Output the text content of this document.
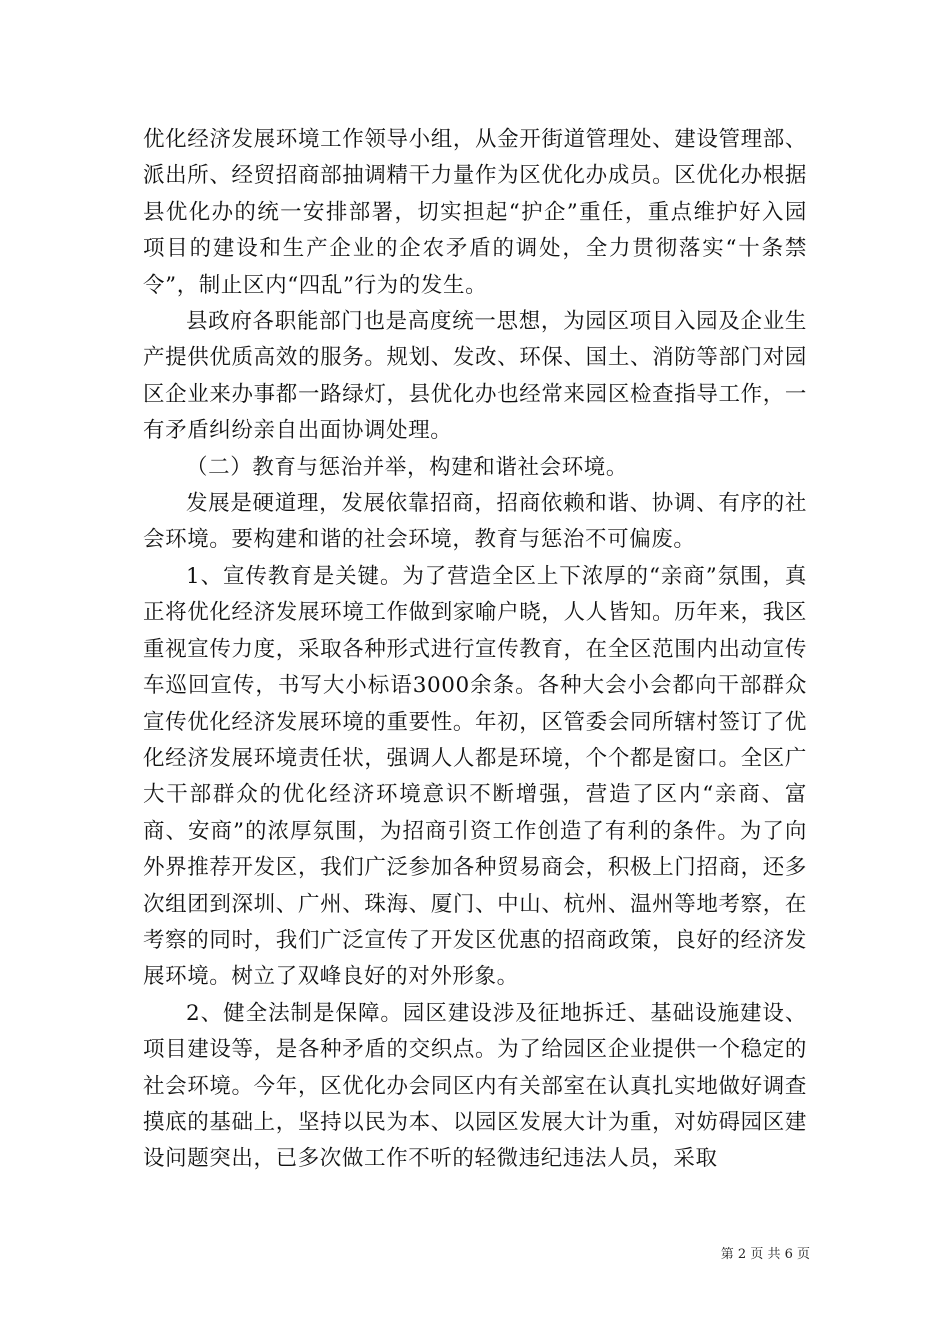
优化经济发展环境工作领导小组，从金开街道管理处、建设管理部、派出所、经贸招商部抽调精干力量作为区优化办成员。区优化办根据县优化办的统一安排部署，切实担起“护企”重任，重点维护好入园项目的建设和生产企业的企农矛盾的调处，全力贯彻落实“十条禁令”，制止区内“四乱”行为的发生。

县政府各职能部门也是高度统一思想，为园区项目入园及企业生产提供优质高效的服务。规划、发改、环保、国土、消防等部门对园区企业来办事都一路绿灯，县优化办也经常来园区检查指导工作，一有矛盾纠纷亲自出面协调处理。

（二）教育与惩治并举，构建和谐社会环境。

发展是硬道理，发展依靠招商，招商依赖和谐、协调、有序的社会环境。要构建和谐的社会环境，教育与惩治不可偏废。

1、宣传教育是关键。为了营造全区上下浓厚的“亲商”氛围，真正将优化经济发展环境工作做到家喻户晓，人人皆知。历年来，我区重视宣传力度，采取各种形式进行宣传教育，在全区范围内出动宣传车巡回宣传，书写大小标语3000余条。各种大会小会都向干部群众宣传优化经济发展环境的重要性。年初，区管委会同所辖村签订了优化经济发展环境责任状，强调人人都是环境，个个都是窗口。全区广大干部群众的优化经济环境意识不断增强，营造了区内“亲商、富商、安商”的浓厚氛围，为招商引资工作创造了有利的条件。为了向外界推荐开发区，我们广泛参加各种贸易商会，积极上门招商，还多次组团到深圳、广州、珠海、厦门、中山、杭州、温州等地考察，在考察的同时，我们广泛宣传了开发区优惠的招商政策，良好的经济发展环境。树立了双峰良好的对外形象。

2、健全法制是保障。园区建设涉及征地拆迁、基础设施建设、项目建设等，是各种矛盾的交织点。为了给园区企业提供一个稳定的社会环境。今年，区优化办会同区内有关部室在认真扎实地做好调查摸底的基础上，坚持以民为本、以园区发展大计为重，对妨碍园区建设问题突出，已多次做工作不听的轻微违纪违法人员，采取

第 2 页 共 6 页
